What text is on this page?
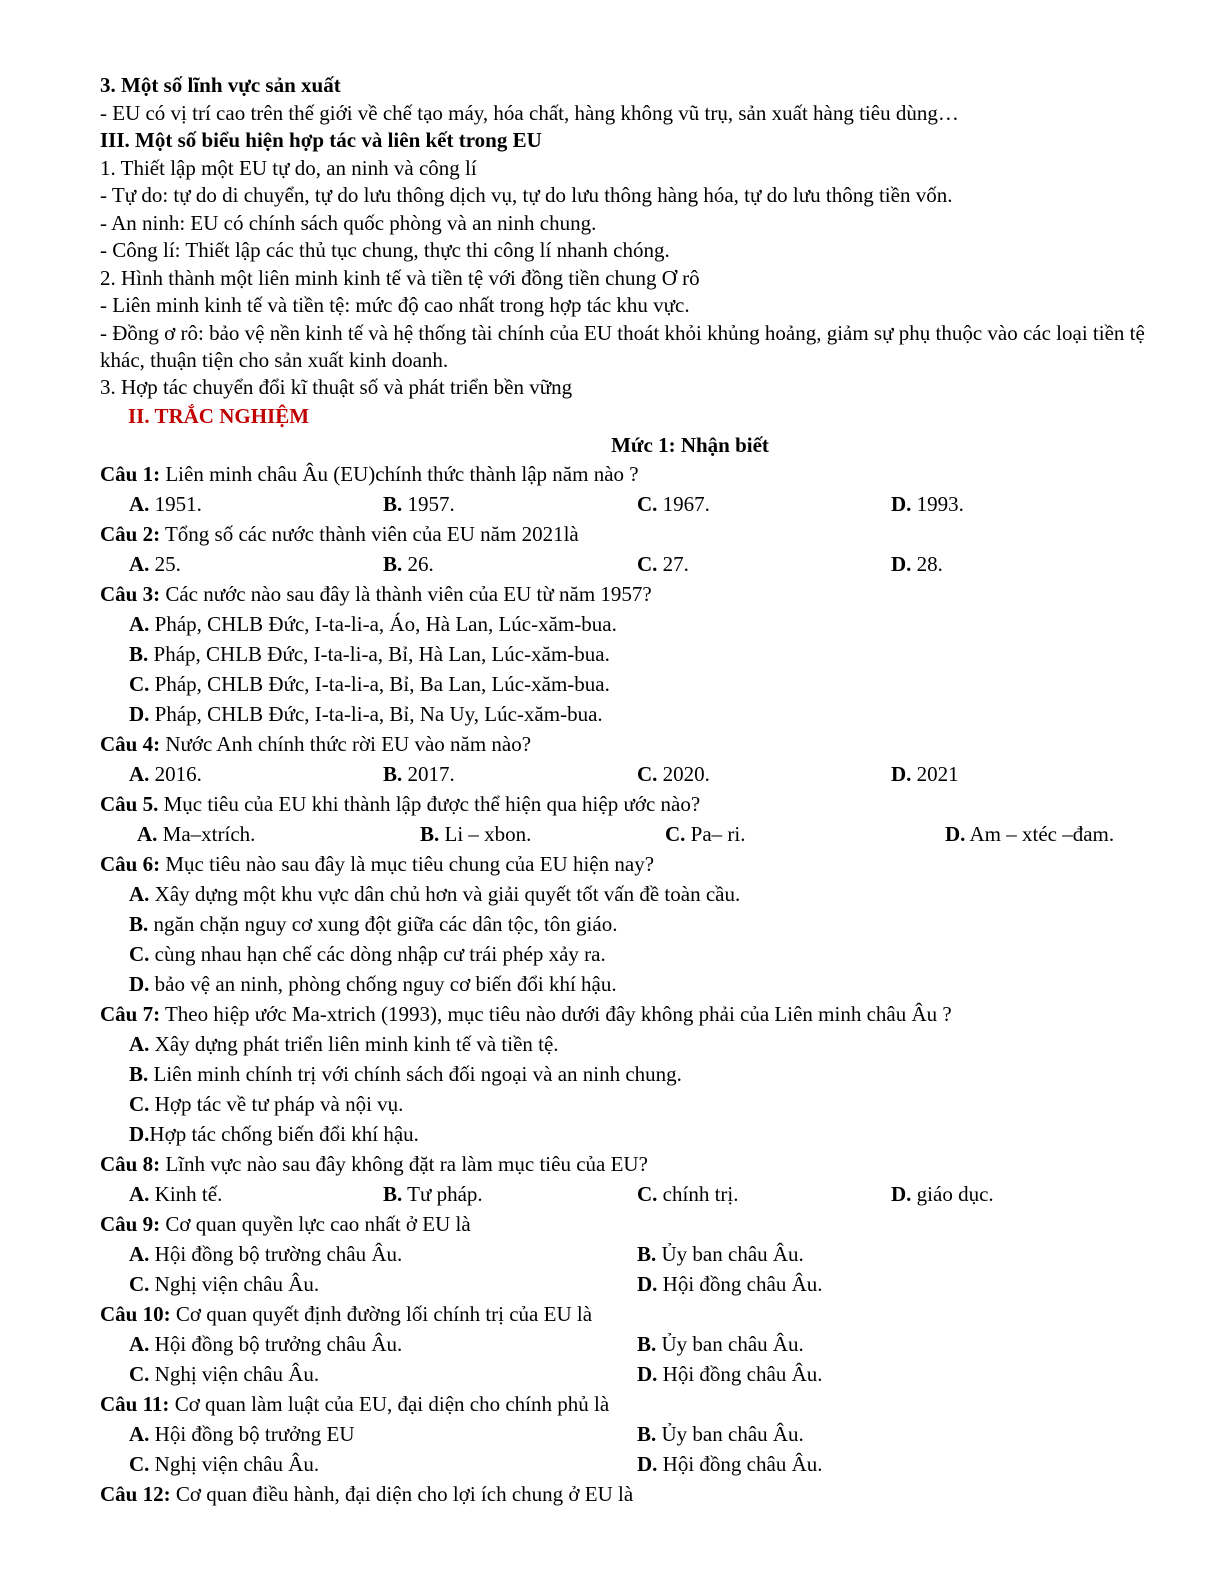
3. Một số lĩnh vực sản xuất
- EU có vị trí cao trên thế giới về chế tạo máy, hóa chất, hàng không vũ trụ, sản xuất hàng tiêu dùng…
III. Một số biểu hiện hợp tác và liên kết trong EU
1. Thiết lập một EU tự do, an ninh và công lí
- Tự do: tự do di chuyển, tự do lưu thông dịch vụ, tự do lưu thông hàng hóa, tự do lưu thông tiền vốn.
- An ninh: EU có chính sách quốc phòng và an ninh chung.
- Công lí: Thiết lập các thủ tục chung, thực thi công lí nhanh chóng.
2. Hình thành một liên minh kinh tế và tiền tệ với đồng tiền chung Ơ rô
- Liên minh kinh tế và tiền tệ: mức độ cao nhất trong hợp tác khu vực.
- Đồng ơ rô: bảo vệ nền kinh tế và hệ thống tài chính của EU thoát khỏi khủng hoảng, giảm sự phụ thuộc vào các loại tiền tệ khác, thuận tiện cho sản xuất kinh doanh.
3. Hợp tác chuyển đổi kĩ thuật số và phát triển bền vững
II. TRẮC NGHIỆM
Mức 1: Nhận biết
Câu 1: Liên minh châu Âu (EU)chính thức thành lập năm nào ?
A. 1951.	B. 1957.	C. 1967.	D. 1993.
Câu 2: Tổng số các nước thành viên của EU năm 2021là
A. 25.	B. 26.	C. 27.	D. 28.
Câu 3: Các nước nào sau đây là thành viên của EU từ năm 1957?
A. Pháp, CHLB Đức, I-ta-li-a, Áo, Hà Lan, Lúc-xăm-bua.
B. Pháp, CHLB Đức, I-ta-li-a, Bỉ, Hà Lan, Lúc-xăm-bua.
C. Pháp, CHLB Đức, I-ta-li-a, Bỉ, Ba Lan, Lúc-xăm-bua.
D. Pháp, CHLB Đức, I-ta-li-a, Bỉ, Na Uy, Lúc-xăm-bua.
Câu 4: Nước Anh chính thức rời EU vào năm nào?
A. 2016.	B. 2017.	C. 2020.	D. 2021
Câu 5. Mục tiêu của EU khi thành lập được thể hiện qua hiệp ước nào?
A. Ma–xtrích.	B. Li – xbon.	C. Pa– ri.	D. Am – xtéc –đam.
Câu 6: Mục tiêu nào sau đây là mục tiêu chung của EU hiện nay?
A. Xây dựng một khu vực dân chủ hơn và giải quyết tốt vấn đề toàn cầu.
B. ngăn chặn nguy cơ xung đột giữa các dân tộc, tôn giáo.
C. cùng nhau hạn chế các dòng nhập cư trái phép xảy ra.
D. bảo vệ an ninh, phòng chống nguy cơ biến đổi khí hậu.
Câu 7: Theo hiệp ước Ma-xtrich (1993), mục tiêu nào dưới đây không phải của Liên minh châu Âu ?
A. Xây dựng phát triển liên minh kinh tế và tiền tệ.
B. Liên minh chính trị với chính sách đối ngoại và an ninh chung.
C. Hợp tác về tư pháp và nội vụ.
D.Hợp tác chống biến đổi khí hậu.
Câu 8: Lĩnh vực nào sau đây không đặt ra làm mục tiêu của EU?
A. Kinh tế.	B. Tư pháp.	C. chính trị.	D. giáo dục.
Câu 9: Cơ quan quyền lực cao nhất ở EU là
A. Hội đồng bộ trường châu Âu.	B. Ủy ban châu Âu.
C. Nghị viện châu Âu.	D. Hội đồng châu Âu.
Câu 10: Cơ quan quyết định đường lối chính trị của EU là
A. Hội đồng bộ trưởng châu Âu.	B. Ủy ban châu Âu.
C. Nghị viện châu Âu.	D. Hội đồng châu Âu.
Câu 11: Cơ quan làm luật của EU, đại diện cho chính phủ là
A. Hội đồng bộ trưởng EU	B. Ủy ban châu Âu.
C. Nghị viện châu Âu.	D. Hội đồng châu Âu.
Câu 12: Cơ quan điều hành, đại diện cho lợi ích chung ở EU là
